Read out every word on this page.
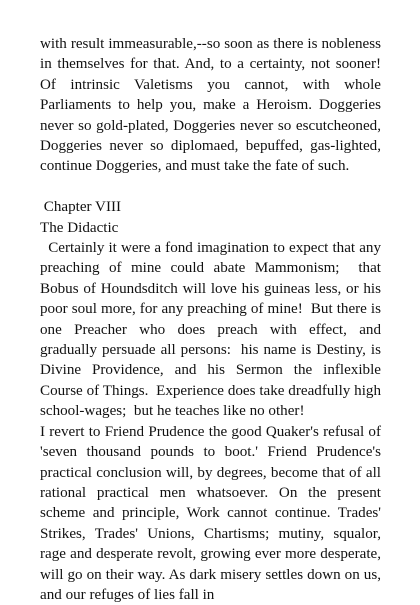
with result immeasurable,--so soon as there is nobleness in themselves for that. And, to a certainty, not sooner! Of intrinsic Valetisms you cannot, with whole Parliaments to help you, make a Heroism. Doggeries never so gold-plated, Doggeries never so escutcheoned, Doggeries never so diplomaed, bepuffed, gas-lighted, continue Doggeries, and must take the fate of such.

Chapter VIII

The Didactic

Certainly it were a fond imagination to expect that any preaching of mine could abate Mammonism;  that Bobus of Houndsditch will love his guineas less, or his poor soul more, for any preaching of mine!  But there is one Preacher who does preach with effect, and gradually persuade all persons:  his name is Destiny, is Divine Providence, and his Sermon the inflexible Course of Things.  Experience does take dreadfully high school-wages;  but he teaches like no other!

I revert to Friend Prudence the good Quaker's refusal of 'seven thousand pounds to boot.' Friend Prudence's practical conclusion will, by degrees, become that of all rational practical men whatsoever. On the present scheme and principle, Work cannot continue. Trades' Strikes, Trades' Unions, Chartisms; mutiny, squalor, rage and desperate revolt, growing ever more desperate, will go on their way. As dark misery settles down on us, and our refuges of lies fall in
